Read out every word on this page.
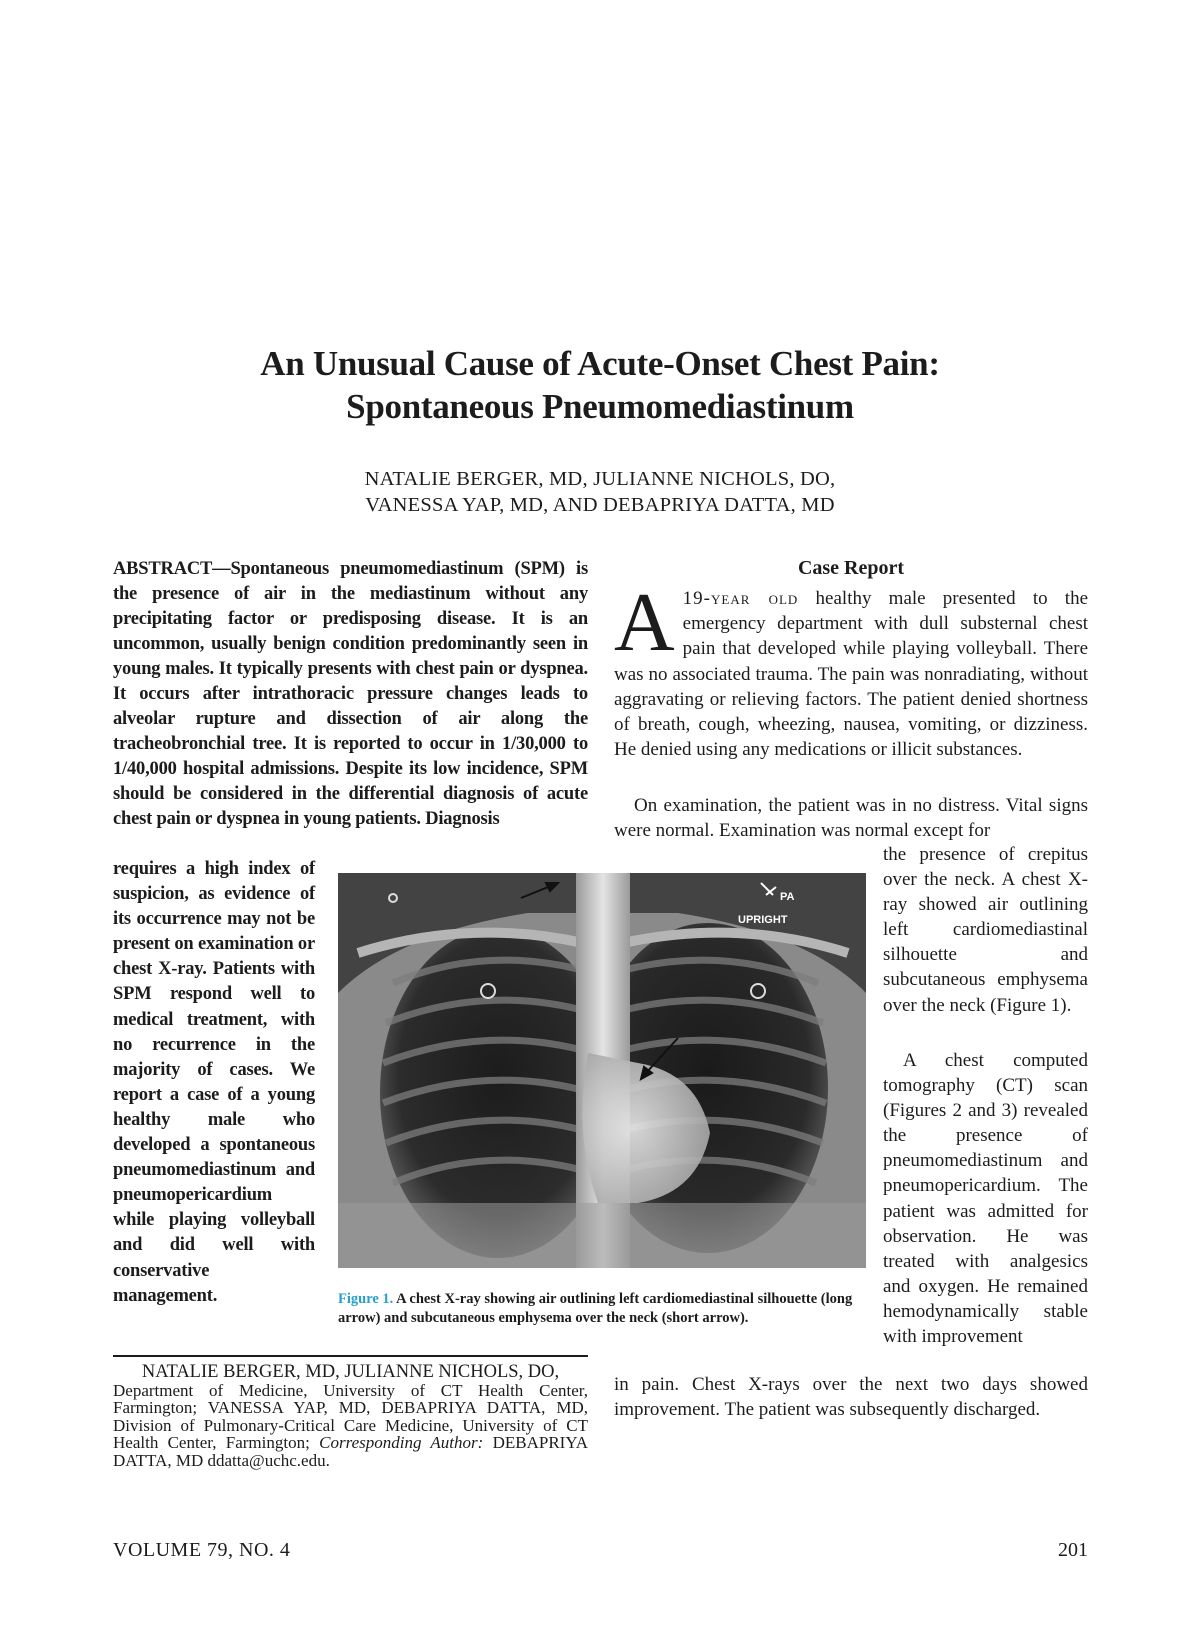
An Unusual Cause of Acute-Onset Chest Pain:
Spontaneous Pneumomediastinum
NATALIE BERGER, MD, JULIANNE NICHOLS, DO,
VANESSA YAP, MD, AND DEBAPRIYA DATTA, MD

ABSTRACT—Spontaneous pneumomediastinum (SPM) is the presence of air in the mediastinum without any precipitating factor or predisposing disease. It is an uncommon, usually benign condition predominantly seen in young males. It typically presents with chest pain or dyspnea. It occurs after intrathoracic pressure changes leads to alveolar rupture and dissection of air along the tracheobronchial tree. It is reported to occur in 1/30,000 to 1/40,000 hospital admissions. Despite its low incidence, SPM should be considered in the differential diagnosis of acute chest pain or dyspnea in young patients. Diagnosis

requires a high index of suspicion, as evidence of its occurrence may not be present on examination or chest X-ray. Patients with SPM respond well to medical treatment, with no recurrence in the majority of cases. We report a case of a young healthy male who developed a spontaneous pneumomediastinum and pneumopericardium while playing volleyball and did well with conservative management.

PA
UPRIGHT

Figure 1. A chest X-ray showing air outlining left cardiomediastinal silhouette (long arrow) and subcutaneous emphysema over the neck (short arrow).

NATALIE BERGER, MD, JULIANNE NICHOLS, DO,
Department of Medicine, University of CT Health Center, Farmington; VANESSA YAP, MD, DEBAPRIYA DATTA, MD, Division of Pulmonary-Critical Care Medicine, University of CT Health Center, Farmington; Corresponding Author: DEBAPRIYA DATTA, MD ddatta@uchc.edu.

Case Report

A 19-year old healthy male presented to the emergency department with dull substernal chest pain that developed while playing volleyball. There was no associated trauma. The pain was nonradiating, without aggravating or relieving factors. The patient denied shortness of breath, cough, wheezing, nausea, vomiting, or dizziness. He denied using any medications or illicit substances.

On examination, the patient was in no distress. Vital signs were normal. Examination was normal except for

the presence of crepitus over the neck. A chest X-ray showed air outlining left cardiomediastinal silhouette and subcutaneous emphysema over the neck (Figure 1).

A chest computed tomography (CT) scan (Figures 2 and 3) revealed the presence of pneumomediastinum and pneumopericardium. The patient was admitted for observation. He was treated with analgesics and oxygen. He remained hemodynamically stable with improvement

in pain. Chest X-rays over the next two days showed improvement. The patient was subsequently discharged.

VOLUME 79, NO. 4	201
